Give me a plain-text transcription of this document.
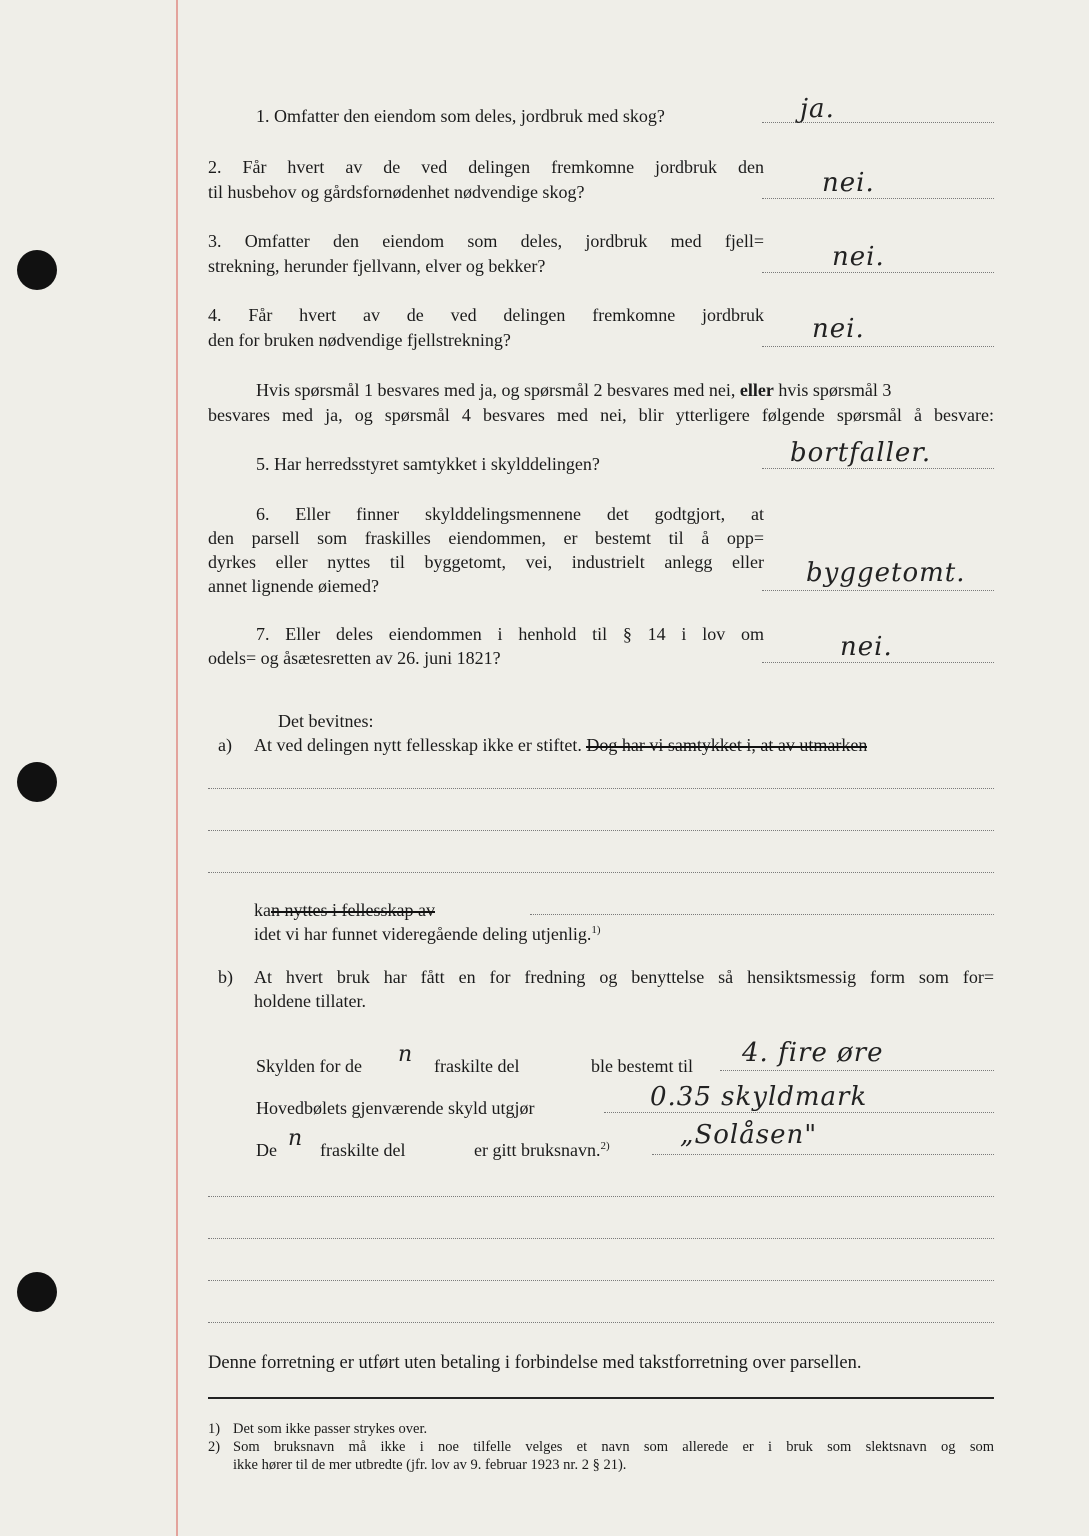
1. Omfatter den eiendom som deles, jordbruk med skog?	ja.
2. Får hvert av de ved delingen fremkomne jordbruk den
til husbehov og gårdsfornødenhet nødvendige skog?	nei.
3. Omfatter den eiendom som deles, jordbruk med fjell=
strekning, herunder fjellvann, elver og bekker?	nei.
4. Får hvert av de ved delingen fremkomne jordbruk
den for bruken nødvendige fjellstrekning?	nei.
Hvis spørsmål 1 besvares med ja, og spørsmål 2 besvares med nei, eller hvis spørsmål 3
besvares med ja, og spørsmål 4 besvares med nei, blir ytterligere følgende spørsmål å besvare:
5. Har herredsstyret samtykket i skylddelingen?	bortfaller.
6. Eller finner skylddelingsmennene det godtgjort, at
den parsell som fraskilles eiendommen, er bestemt til å opp=
dyrkes eller nyttes til byggetomt, vei, industrielt anlegg eller
annet lignende øiemed?	byggetomt.
7. Eller deles eiendommen i henhold til § 14 i lov om
odels= og åsætesretten av 26. juni 1821?	nei.
Det bevitnes:
a) At ved delingen nytt fellesskap ikke er stiftet. Dog har vi samtykket i, at av utmarken
kan nyttes i fellesskap av
idet vi har funnet videregående deling utjenlig.$^{1)}$
b) At hvert bruk har fått en for fredning og benyttelse så hensiktsmessig form som for=
holdene tillater.
Skylden for de n fraskilte del	ble bestemt til 4. fire øre
Hovedbølets gjenværende skyld utgjør	0.35 skyldmark
De n fraskilte del	er gitt bruksnavn.$^{2)}$	„Solåsen"
Denne forretning er utført uten betaling i forbindelse med takstforretning over parsellen.
1) Det som ikke passer strykes over.
2) Som bruksnavn må ikke i noe tilfelle velges et navn som allerede er i bruk som slektsnavn og som
ikke hører til de mer utbredte (jfr. lov av 9. februar 1923 nr. 2 § 21).
